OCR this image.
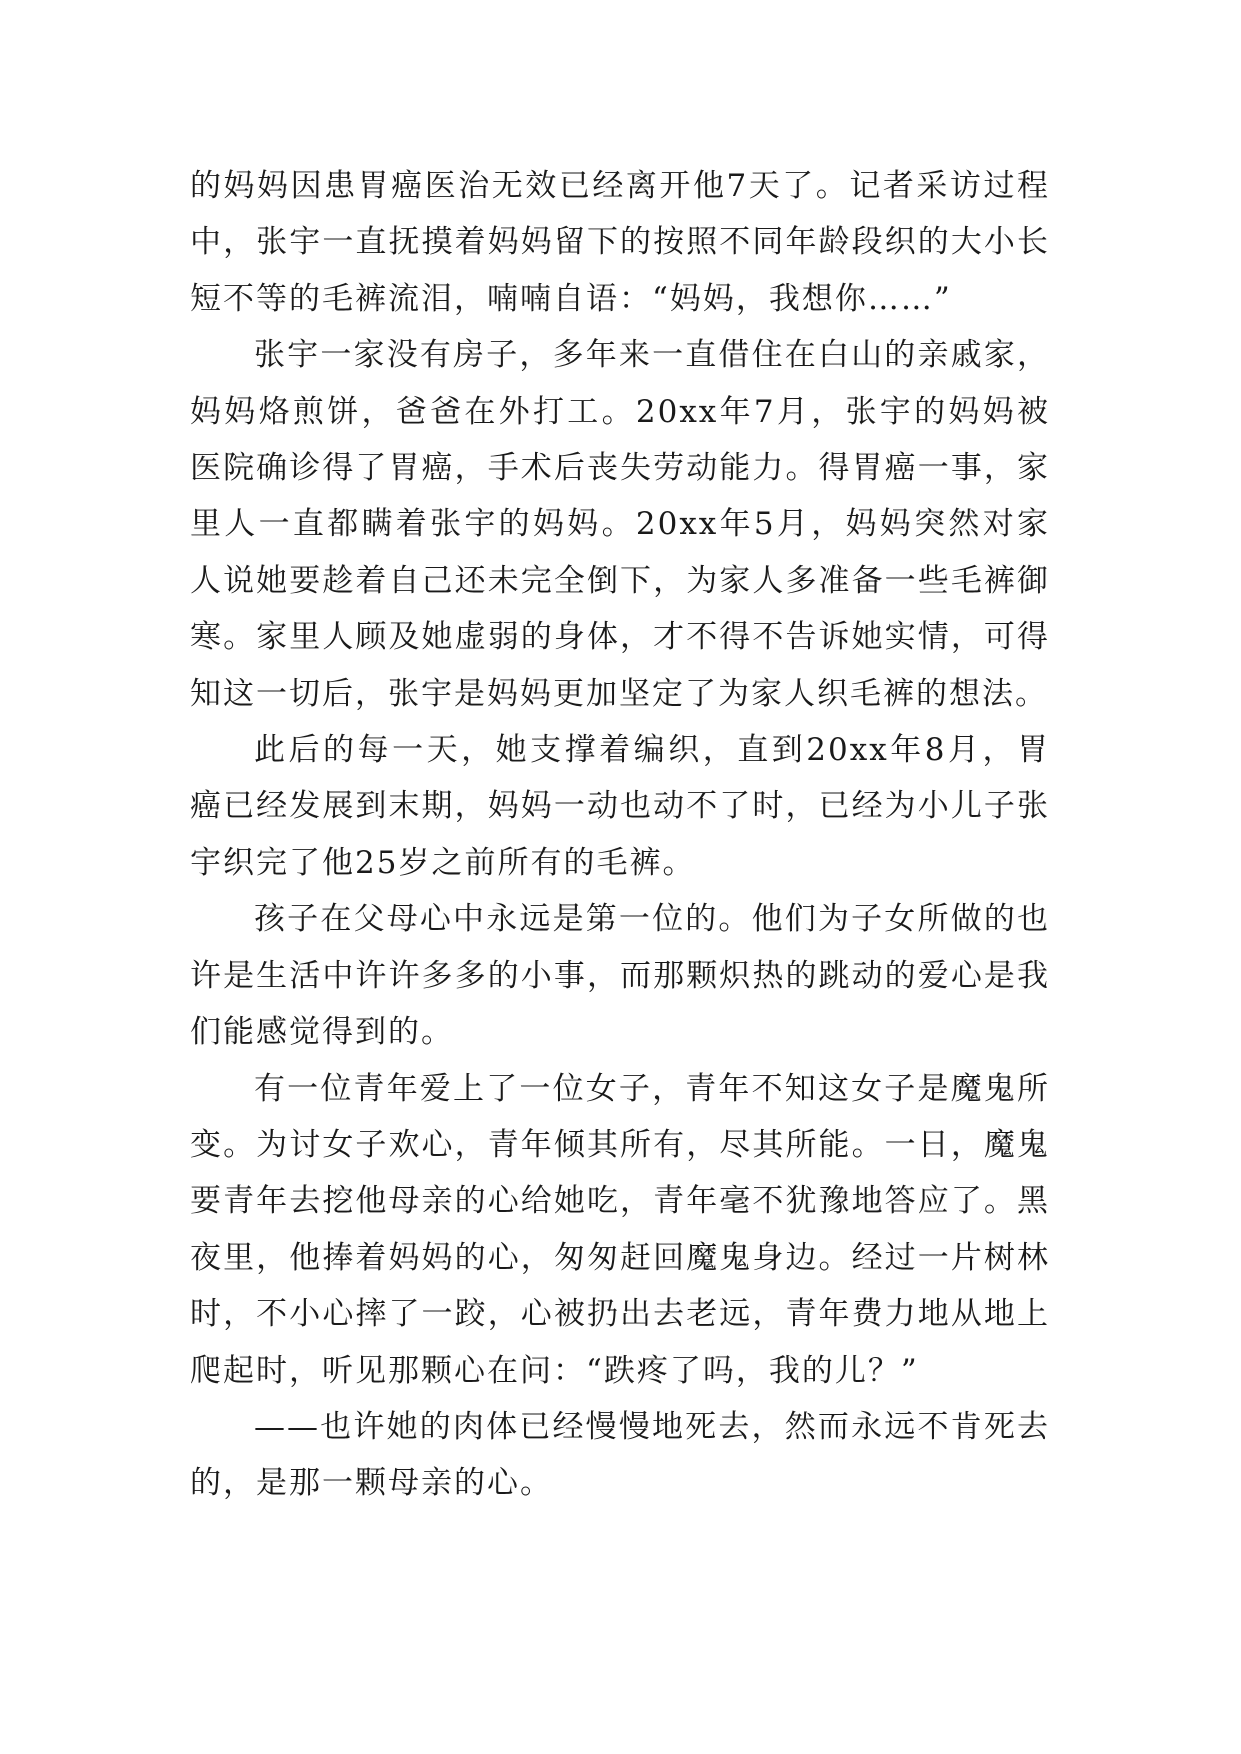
的妈妈因患胃癌医治无效已经离开他7天了。记者采访过程中，张宇一直抚摸着妈妈留下的按照不同年龄段织的大小长短不等的毛裤流泪，喃喃自语：“妈妈，我想你……”

张宇一家没有房子，多年来一直借住在白山的亲戚家，妈妈烙煎饼，爸爸在外打工。20xx年7月，张宇的妈妈被医院确诊得了胃癌，手术后丧失劳动能力。得胃癌一事，家里人一直都瞒着张宇的妈妈。20xx年5月，妈妈突然对家人说她要趁着自己还未完全倒下，为家人多准备一些毛裤御寒。家里人顾及她虚弱的身体，才不得不告诉她实情，可得知这一切后，张宇是妈妈更加坚定了为家人织毛裤的想法。

此后的每一天，她支撑着编织，直到20xx年8月，胃癌已经发展到末期，妈妈一动也动不了时，已经为小儿子张宇织完了他25岁之前所有的毛裤。

孩子在父母心中永远是第一位的。他们为子女所做的也许是生活中许许多多的小事，而那颗炽热的跳动的爱心是我们能感觉得到的。

有一位青年爱上了一位女子，青年不知这女子是魔鬼所变。为讨女子欢心，青年倾其所有，尽其所能。一日，魔鬼要青年去挖他母亲的心给她吃，青年毫不犹豫地答应了。黑夜里，他捧着妈妈的心，匆匆赶回魔鬼身边。经过一片树林时，不小心摔了一跤，心被扔出去老远，青年费力地从地上爬起时，听见那颗心在问：“跌疼了吗，我的儿？”

——也许她的肉体已经慢慢地死去，然而永远不肯死去的，是那一颗母亲的心。
